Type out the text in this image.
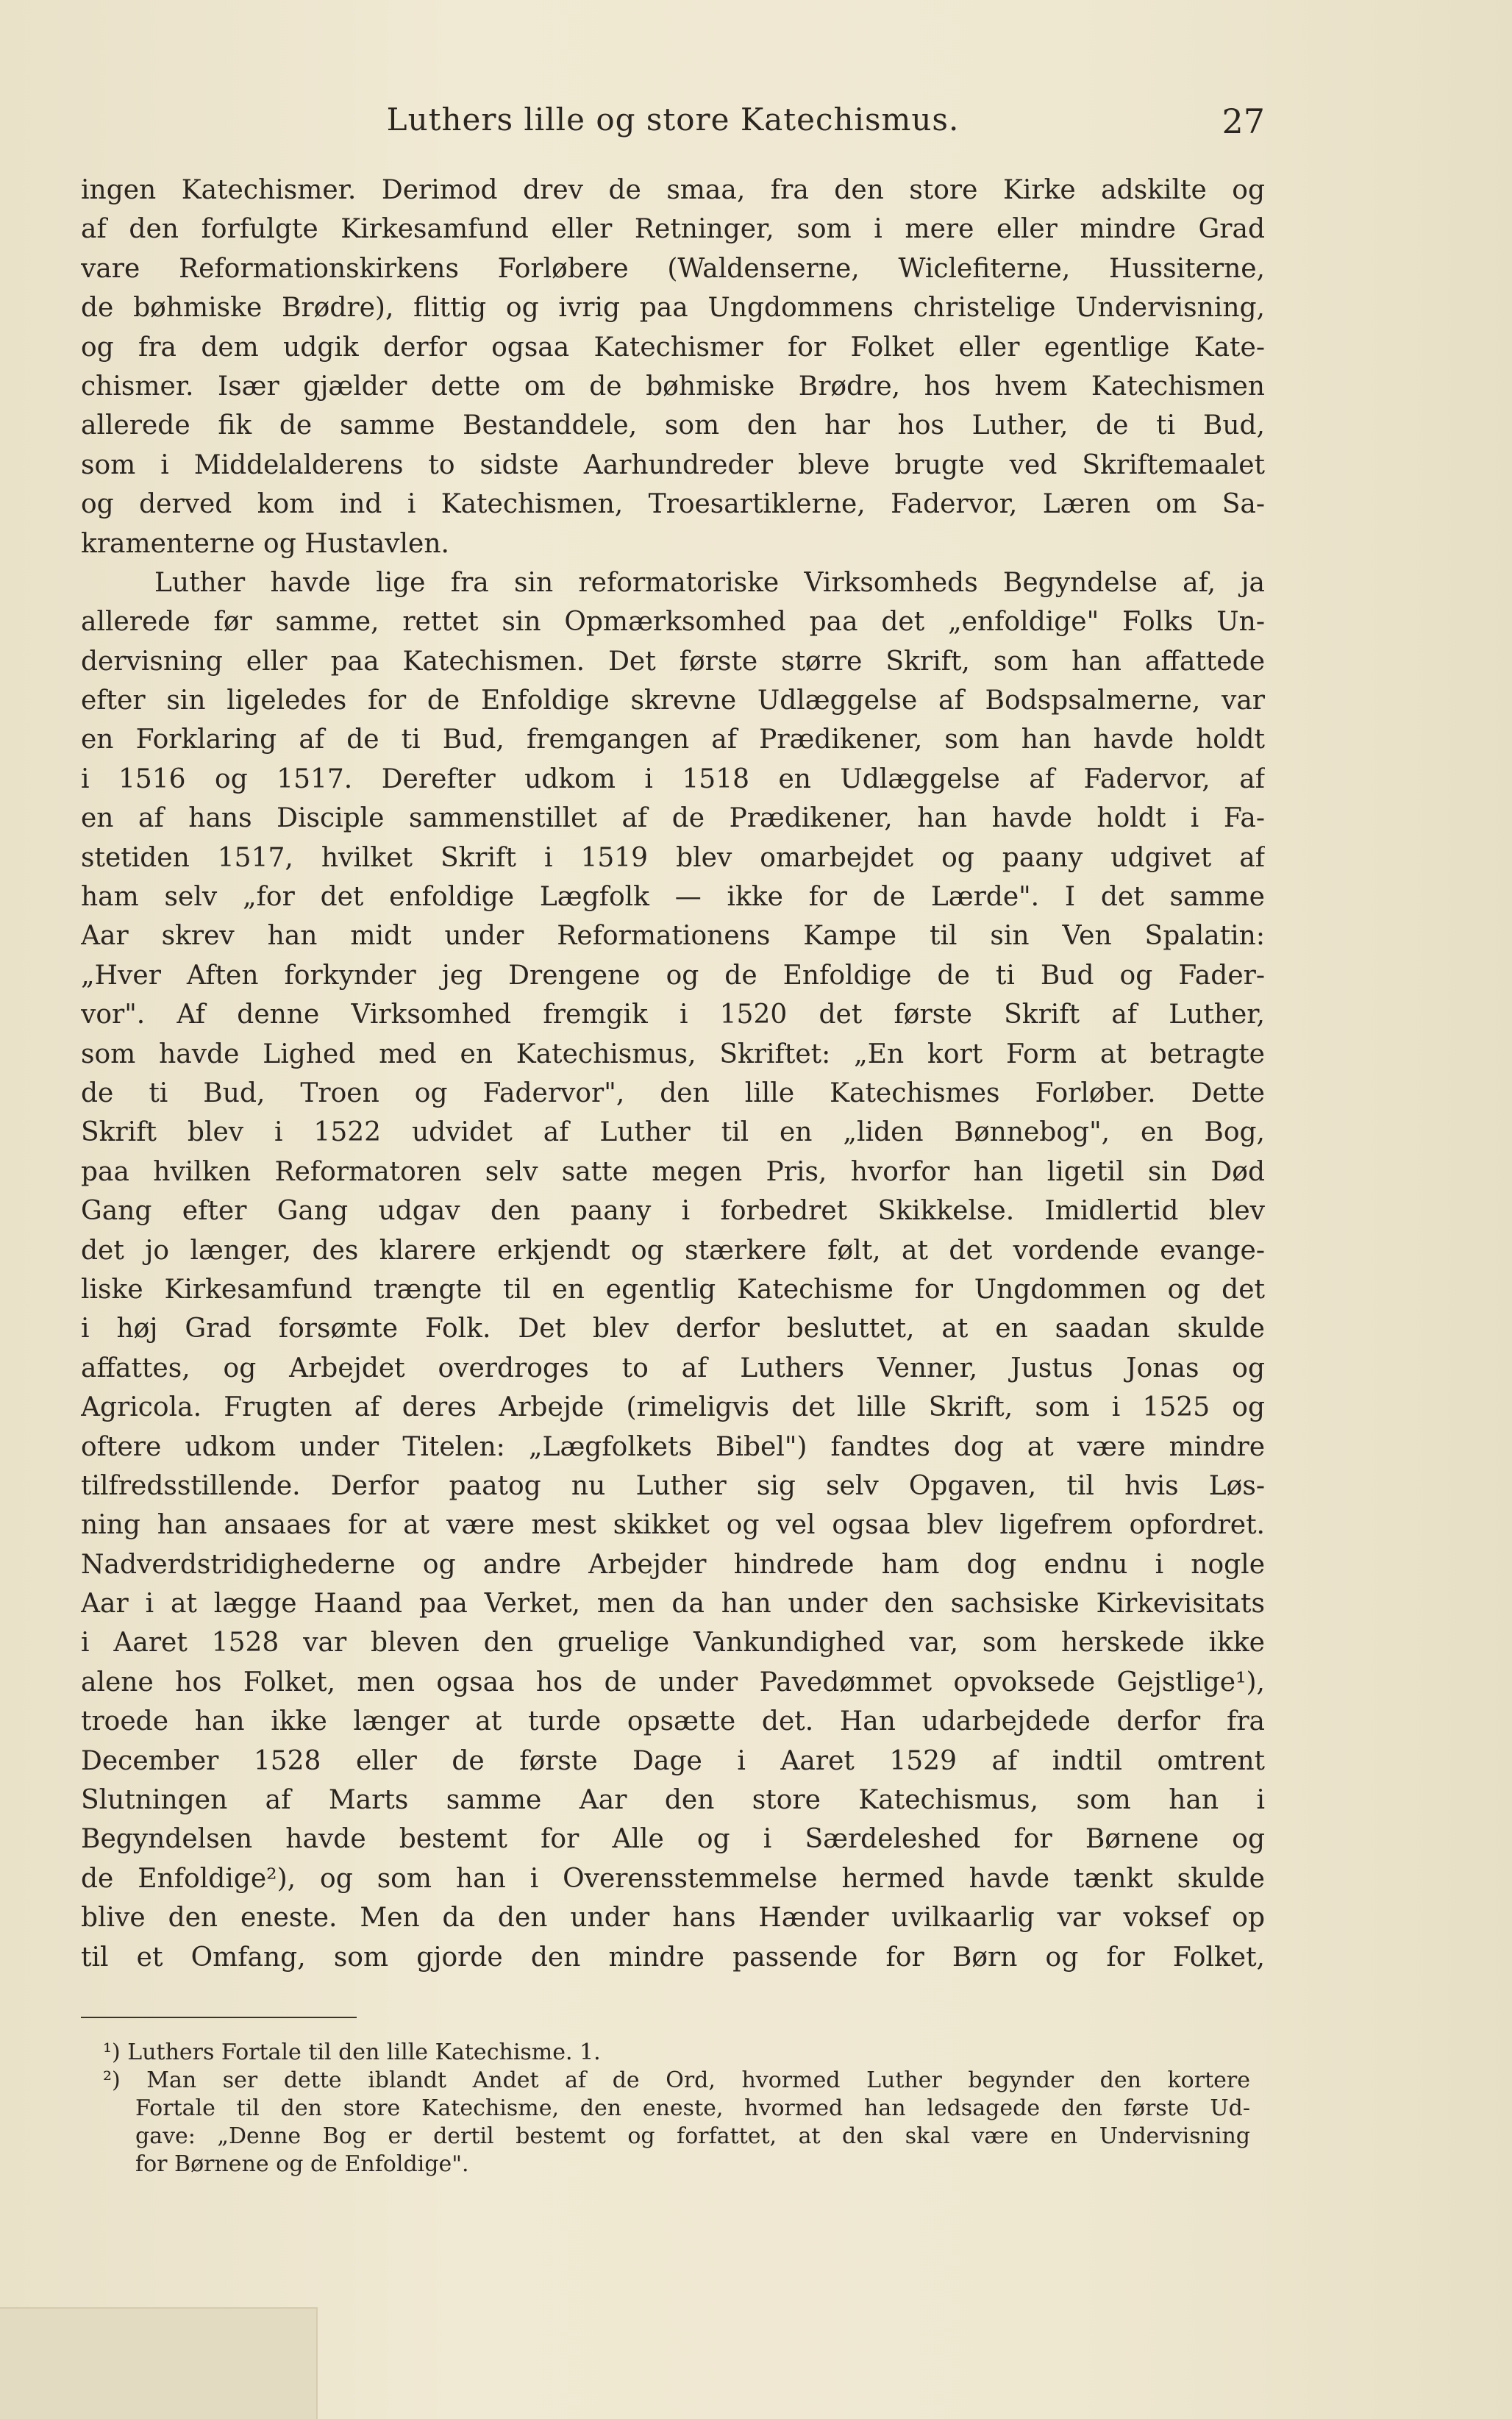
Luthers lille og store Katechismus.	27
ingen Katechismer. Derimod drev de smaa, fra den store Kirke adskilte og
af den forfulgte Kirkesamfund eller Retninger, som i mere eller mindre Grad
vare Reformationskirkens Forløbere (Waldenserne, Wiclefiterne, Hussiterne,
de bøhmiske Brødre), flittig og ivrig paa Ungdommens christelige Undervisning,
og fra dem udgik derfor ogsaa Katechismer for Folket eller egentlige Kate-
chismer. Især gjælder dette om de bøhmiske Brødre, hos hvem Katechismen
allerede fik de samme Bestanddele, som den har hos Luther, de ti Bud,
som i Middelalderens to sidste Aarhundreder bleve brugte ved Skriftemaalet
og derved kom ind i Katechismen, Troesartiklerne, Fadervor, Læren om Sa-
kramenterne og Hustavlen.
Luther havde lige fra sin reformatoriske Virksomheds Begyndelse af, ja
allerede før samme, rettet sin Opmærksomhed paa det „enfoldige" Folks Un-
dervisning eller paa Katechismen. Det første større Skrift, som han affattede
efter sin ligeledes for de Enfoldige skrevne Udlæggelse af Bodspsalmerne, var
en Forklaring af de ti Bud, fremgangen af Prædikener, som han havde holdt
i 1516 og 1517. Derefter udkom i 1518 en Udlæggelse af Fadervor, af
en af hans Disciple sammenstillet af de Prædikener, han havde holdt i Fa-
stetiden 1517, hvilket Skrift i 1519 blev omarbejdet og paany udgivet af
ham selv „for det enfoldige Lægfolk — ikke for de Lærde". I det samme
Aar skrev han midt under Reformationens Kampe til sin Ven Spalatin:
„Hver Aften forkynder jeg Drengene og de Enfoldige de ti Bud og Fader-
vor". Af denne Virksomhed fremgik i 1520 det første Skrift af Luther,
som havde Lighed med en Katechismus, Skriftet: „En kort Form at betragte
de ti Bud, Troen og Fadervor", den lille Katechismes Forløber. Dette
Skrift blev i 1522 udvidet af Luther til en „liden Bønnebog", en Bog,
paa hvilken Reformatoren selv satte megen Pris, hvorfor han ligetil sin Død
Gang efter Gang udgav den paany i forbedret Skikkelse. Imidlertid blev
det jo længer, des klarere erkjendt og stærkere følt, at det vordende evange-
liske Kirkesamfund trængte til en egentlig Katechisme for Ungdommen og det
i høj Grad forsømte Folk. Det blev derfor besluttet, at en saadan skulde
affattes, og Arbejdet overdroges to af Luthers Venner, Justus Jonas og
Agricola. Frugten af deres Arbejde (rimeligvis det lille Skrift, som i 1525 og
oftere udkom under Titelen: „Lægfolkets Bibel") fandtes dog at være mindre
tilfredsstillende. Derfor paatog nu Luther sig selv Opgaven, til hvis Løs-
ning han ansaaes for at være mest skikket og vel ogsaa blev ligefrem opfordret.
Nadverdstridighederne og andre Arbejder hindrede ham dog endnu i nogle
Aar i at lægge Haand paa Verket, men da han under den sachsiske Kirkevisitats
i Aaret 1528 var bleven den gruelige Vankundighed var, som herskede ikke
alene hos Folket, men ogsaa hos de under Pavedømmet opvoksede Gejstlige¹),
troede han ikke længer at turde opsætte det. Han udarbejdede derfor fra
December 1528 eller de første Dage i Aaret 1529 af indtil omtrent
Slutningen af Marts samme Aar den store Katechismus, som han i
Begyndelsen havde bestemt for Alle og i Særdeleshed for Børnene og
de Enfoldige²), og som han i Overensstemmelse hermed havde tænkt skulde
blive den eneste. Men da den under hans Hænder uvilkaarlig var voksef op
til et Omfang, som gjorde den mindre passende for Børn og for Folket,
¹) Luthers Fortale til den lille Katechisme. 1.
²) Man ser dette iblandt Andet af de Ord, hvormed Luther begynder den kortere
Fortale til den store Katechisme, den eneste, hvormed han ledsagede den første Ud-
gave: „Denne Bog er dertil bestemt og forfattet, at den skal være en Undervisning
for Børnene og de Enfoldige".
